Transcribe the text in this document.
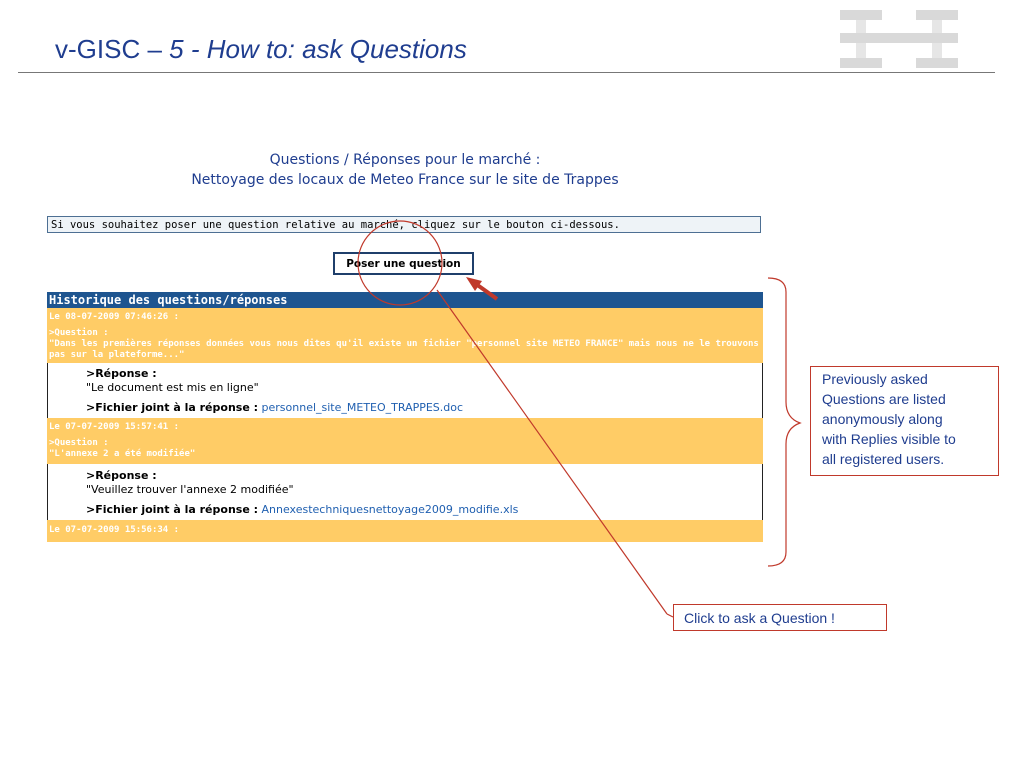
v-GISC – 5 - How to: ask Questions
Questions / Réponses pour le marché :
Nettoyage des locaux de Meteo France sur le site de Trappes
Si vous souhaitez poser une question relative au marché, cliquez sur le bouton ci-dessous.
Poser une question
Historique des questions/réponses
Le 08-07-2009 07:46:26 :
>Question :
"Dans les premières réponses données vous nous dites qu'il existe un fichier "personnel site METEO FRANCE" mais nous ne le trouvons pas sur la plateforme..."
>Réponse :
"Le document est mis en ligne"
>Fichier joint à la réponse : personnel_site_METEO_TRAPPES.doc
Le 07-07-2009 15:57:41 :
>Question :
"L'annexe 2 a été modifiée"
>Réponse :
"Veuillez trouver l'annexe 2 modifiée"
>Fichier joint à la réponse : Annexestechniquesnettoyage2009_modifie.xls
Le 07-07-2009 15:56:34 :
Previously asked
Questions are listed
anonymously along
with Replies visible to
all registered users.
Click to ask a Question !
